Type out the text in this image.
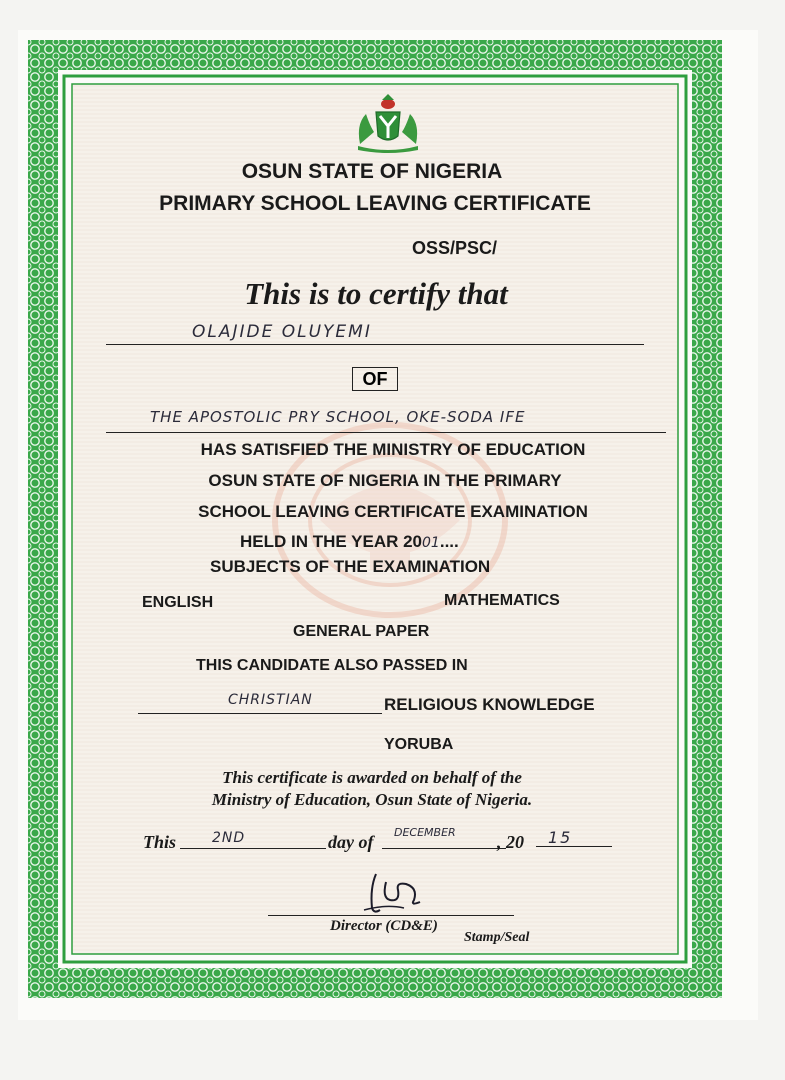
OSUN STATE OF NIGERIA
PRIMARY SCHOOL LEAVING CERTIFICATE
OSS/PSC/
This is to certify that
OLAJIDE OLUYEMI
OF
THE APOSTOLIC PRY SCHOOL, OKE-SODA IFE
HAS SATISFIED THE MINISTRY OF EDUCATION
OSUN STATE OF NIGERIA IN THE PRIMARY
SCHOOL LEAVING CERTIFICATE EXAMINATION
HELD IN THE YEAR 2001....
SUBJECTS OF THE EXAMINATION
ENGLISH	MATHEMATICS
GENERAL PAPER
THIS CANDIDATE ALSO PASSED IN
CHRISTIAN	RELIGIOUS KNOWLEDGE
YORUBA
This certificate is awarded on behalf of the
Ministry of Education, Osun State of Nigeria.
This	2ND	day of DECEMBER , 20 15
Director (CD&E)
Stamp/Seal
